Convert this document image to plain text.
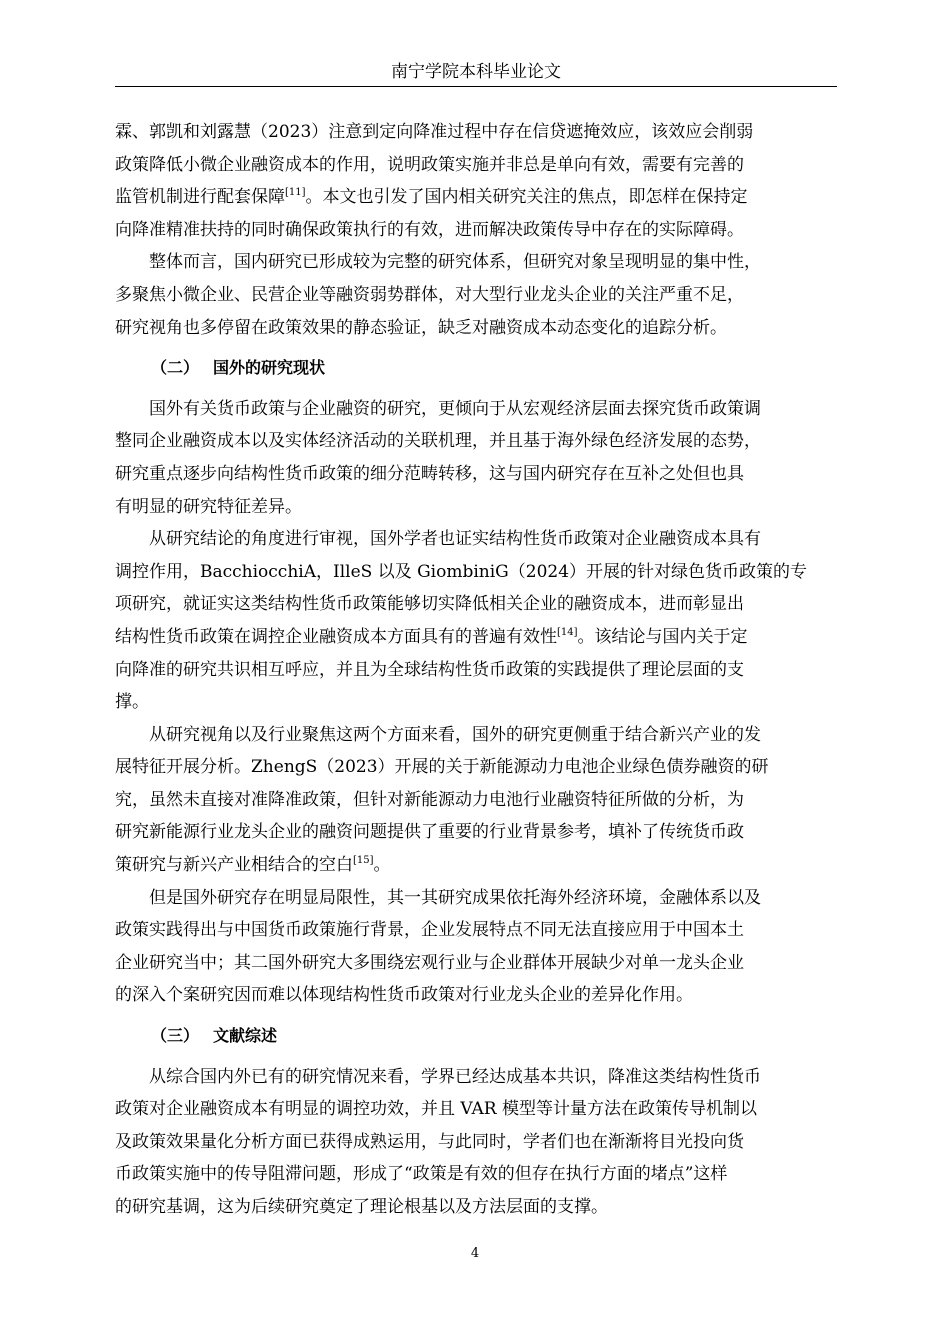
南宁学院本科毕业论文

霖、郭凯和刘露慧（2023）注意到定向降准过程中存在信贷遮掩效应，该效应会削弱
政策降低小微企业融资成本的作用，说明政策实施并非总是单向有效，需要有完善的
监管机制进行配套保障[11]。本文也引发了国内相关研究关注的焦点，即怎样在保持定
向降准精准扶持的同时确保政策执行的有效，进而解决政策传导中存在的实际障碍。

整体而言，国内研究已形成较为完整的研究体系，但研究对象呈现明显的集中性，
多聚焦小微企业、民营企业等融资弱势群体，对大型行业龙头企业的关注严重不足，
研究视角也多停留在政策效果的静态验证，缺乏对融资成本动态变化的追踪分析。

（二） 国外的研究现状

国外有关货币政策与企业融资的研究，更倾向于从宏观经济层面去探究货币政策调
整同企业融资成本以及实体经济活动的关联机理，并且基于海外绿色经济发展的态势，
研究重点逐步向结构性货币政策的细分范畴转移，这与国内研究存在互补之处但也具
有明显的研究特征差异。

从研究结论的角度进行审视，国外学者也证实结构性货币政策对企业融资成本具有
调控作用，BacchiocchiA，IlleS 以及 GiombiniG（2024）开展的针对绿色货币政策的专
项研究，就证实这类结构性货币政策能够切实降低相关企业的融资成本，进而彰显出
结构性货币政策在调控企业融资成本方面具有的普遍有效性[14]。该结论与国内关于定
向降准的研究共识相互呼应，并且为全球结构性货币政策的实践提供了理论层面的支
撑。

从研究视角以及行业聚焦这两个方面来看，国外的研究更侧重于结合新兴产业的发
展特征开展分析。ZhengS（2023）开展的关于新能源动力电池企业绿色债券融资的研
究，虽然未直接对准降准政策，但针对新能源动力电池行业融资特征所做的分析，为
研究新能源行业龙头企业的融资问题提供了重要的行业背景参考，填补了传统货币政
策研究与新兴产业相结合的空白[15]。

但是国外研究存在明显局限性，其一其研究成果依托海外经济环境，金融体系以及
政策实践得出与中国货币政策施行背景，企业发展特点不同无法直接应用于中国本土
企业研究当中；其二国外研究大多围绕宏观行业与企业群体开展缺少对单一龙头企业
的深入个案研究因而难以体现结构性货币政策对行业龙头企业的差异化作用。

（三） 文献综述

从综合国内外已有的研究情况来看，学界已经达成基本共识，降准这类结构性货币
政策对企业融资成本有明显的调控功效，并且 VAR 模型等计量方法在政策传导机制以
及政策效果量化分析方面已获得成熟运用，与此同时，学者们也在渐渐将目光投向货
币政策实施中的传导阻滞问题，形成了“政策是有效的但存在执行方面的堵点”这样
的研究基调，这为后续研究奠定了理论根基以及方法层面的支撑。

4
